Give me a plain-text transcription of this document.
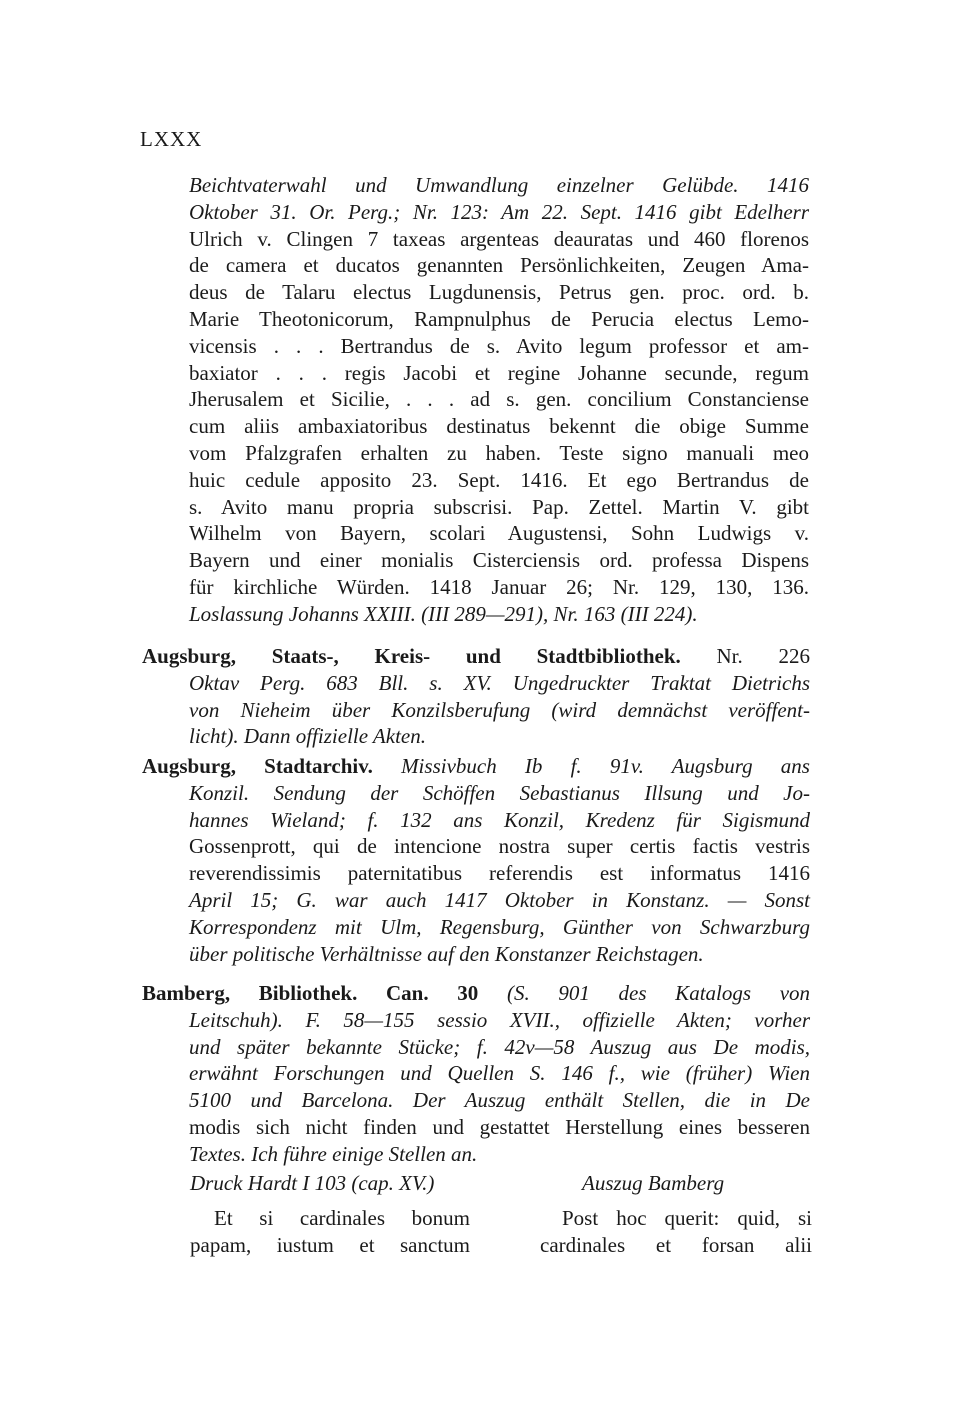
LXXX
Beichtvaterwahl und Umwandlung einzelner Gelübde. 1416
Oktober 31. Or. Perg.; Nr. 123: Am 22. Sept. 1416 gibt Edelherr
Ulrich v. Clingen 7 taxeas argenteas deauratas und 460 florenos
de camera et ducatos genannten Persönlichkeiten, Zeugen Ama-
deus de Talaru electus Lugdunensis, Petrus gen. proc. ord. b.
Marie Theotonicorum, Rampnulphus de Perucia electus Lemo-
vicensis . . . Bertrandus de s. Avito legum professor et am-
baxiator . . . regis Jacobi et regine Johanne secunde, regum
Jherusalem et Sicilie, . . . ad s. gen. concilium Constanciense
cum aliis ambaxiatoribus destinatus bekennt die obige Summe
vom Pfalzgrafen erhalten zu haben. Teste signo manuali meo
huic cedule apposito 23. Sept. 1416. Et ego Bertrandus de
s. Avito manu propria subscrisi. Pap. Zettel. Martin V. gibt
Wilhelm von Bayern, scolari Augustensi, Sohn Ludwigs v.
Bayern und einer monialis Cisterciensis ord. professa Dispens
für kirchliche Würden. 1418 Januar 26; Nr. 129, 130, 136.
Loslassung Johanns XXIII. (III 289—291), Nr. 163 (III 224).
Augsburg, Staats-, Kreis- und Stadtbibliothek. Nr. 226
Oktav Perg. 683 Bll. s. XV. Ungedruckter Traktat Dietrichs
von Nieheim über Konzilsberufung (wird demnächst veröffent-
licht). Dann offizielle Akten.
Augsburg, Stadtarchiv. Missivbuch Ib f. 91v. Augsburg ans
Konzil. Sendung der Schöffen Sebastianus Illsung und Jo-
hannes Wieland; f. 132 ans Konzil, Kredenz für Sigismund
Gossenprott, qui de intencione nostra super certis factis vestris
reverendissimis paternitatibus referendis est informatus 1416
April 15; G. war auch 1417 Oktober in Konstanz. — Sonst
Korrespondenz mit Ulm, Regensburg, Günther von Schwarzburg
über politische Verhältnisse auf den Konstanzer Reichstagen.
Bamberg, Bibliothek. Can. 30 (S. 901 des Katalogs von
Leitschuh). F. 58—155 sessio XVII., offizielle Akten; vorher
und später bekannte Stücke; f. 42v—58 Auszug aus De modis,
erwähnt Forschungen und Quellen S. 146 f., wie (früher) Wien
5100 und Barcelona. Der Auszug enthält Stellen, die in De
modis sich nicht finden und gestattet Herstellung eines besseren
Textes. Ich führe einige Stellen an.
Druck Hardt I 103 (cap. XV.)
Et si cardinales bonum
papam, iustum et sanctum
Auszug Bamberg
Post hoc querit: quid, si
cardinales et forsan alii
